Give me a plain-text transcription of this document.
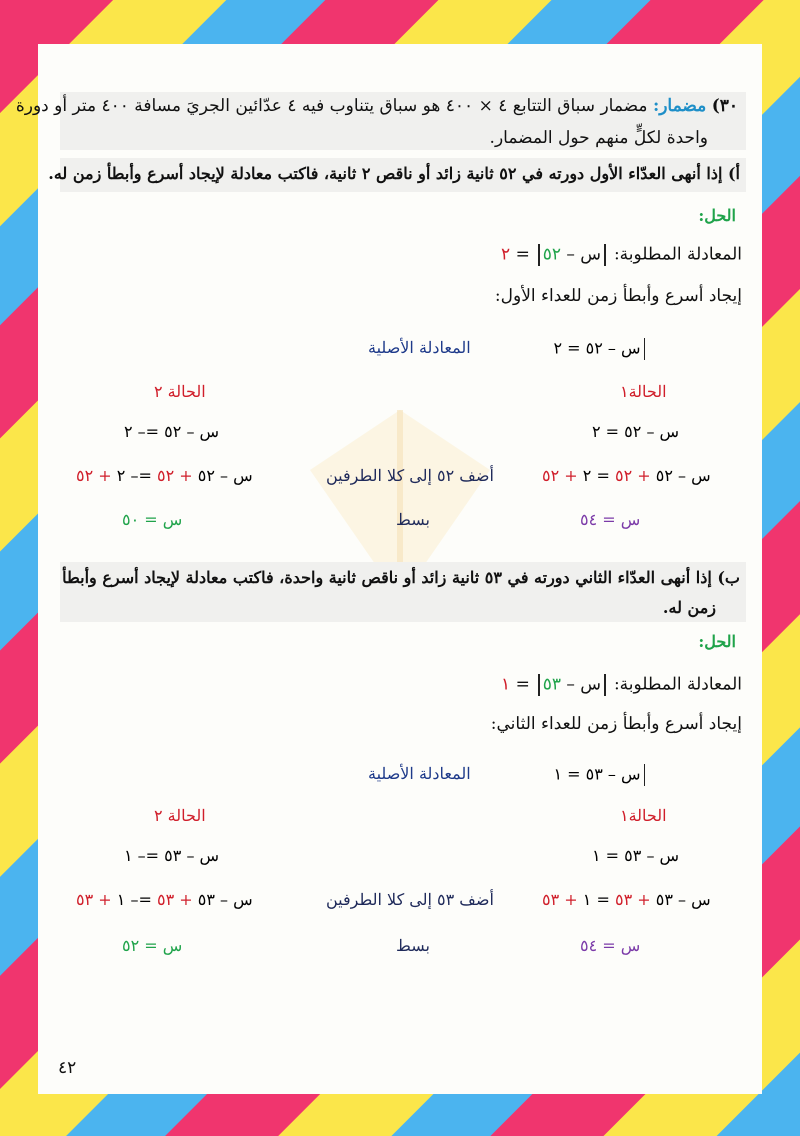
٣٠) مضمار: مضمار سباق التتابع ٤ × ٤٠٠ هو سباق يتناوب فيه ٤ عدّائين الجريَ مسافة ٤٠٠ متر أو دورة
واحدة لكلٍّ منهم حول المضمار.
أ) إذا أنهى العدّاء الأول دورته في ٥٢ ثانية زائد أو ناقص ٢ ثانية، فاكتب معادلة لإيجاد أسرع وأبطأ زمن له.
الحل:
المعادلة المطلوبة: س – ٥٢ = ٢
إيجاد أسرع وأبطأ زمن للعداء الأول:
س – ٥٢ = ٢
المعادلة الأصلية
الحالة١
الحالة ٢
س – ٥٢ = ٢
س – ٥٢ =– ٢
س – ٥٢ + ٥٢ = ٢ + ٥٢
أضف ٥٢ إلى كلا الطرفين
س – ٥٢ + ٥٢ =– ٢ + ٥٢
س = ٥٤
بسط
س = ٥٠
ب) إذا أنهى العدّاء الثاني دورته في ٥٣ ثانية زائد أو ناقص ثانية واحدة، فاكتب معادلة لإيجاد أسرع وأبطأ
زمن له.
الحل:
المعادلة المطلوبة: س – ٥٣ = ١
إيجاد أسرع وأبطأ زمن للعداء الثاني:
س – ٥٣ = ١
المعادلة الأصلية
الحالة١
الحالة ٢
س – ٥٣ = ١
س – ٥٣ =– ١
س – ٥٣ + ٥٣ = ١ + ٥٣
أضف ٥٣ إلى كلا الطرفين
س – ٥٣ + ٥٣ =– ١ + ٥٣
س = ٥٤
بسط
س = ٥٢
٤٢
